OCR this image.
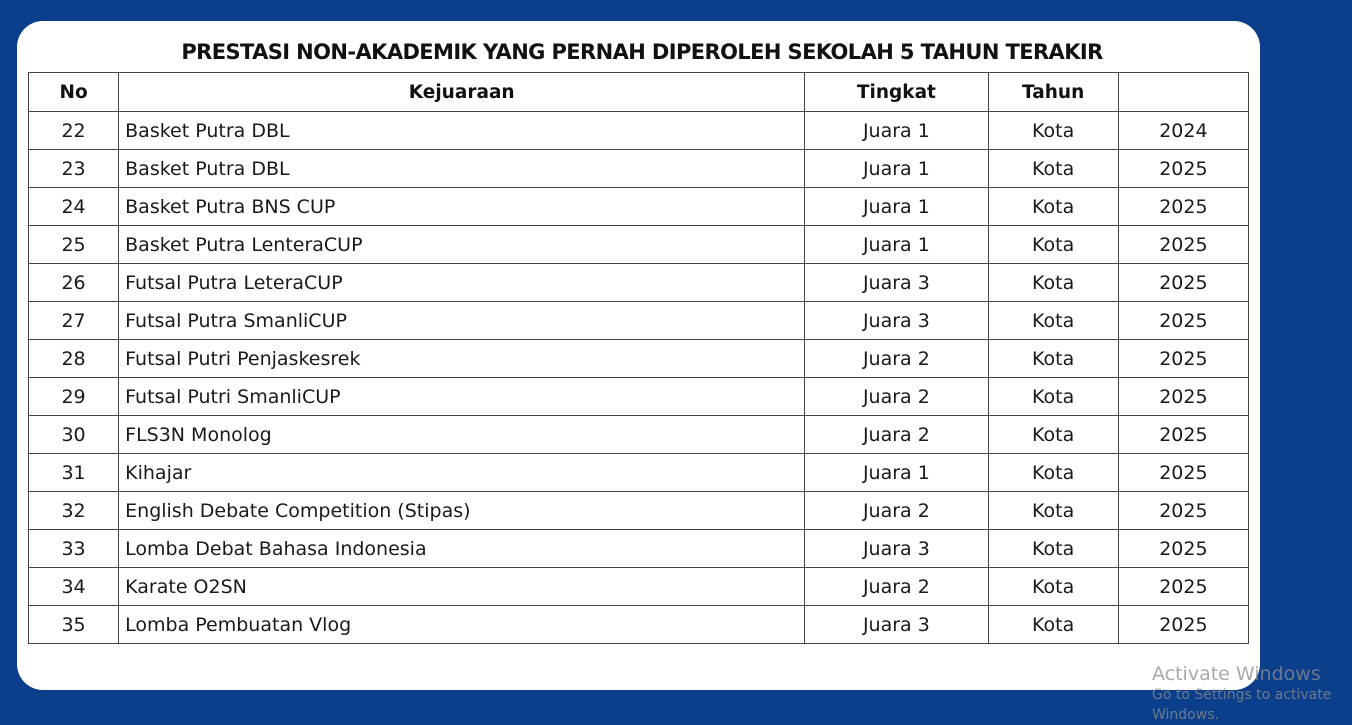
PRESTASI NON-AKADEMIK YANG PERNAH DIPEROLEH SEKOLAH 5 TAHUN TERAKIR
No	Kejuaraan	Tingkat	Tahun	
22	Basket Putra DBL	Juara 1	Kota	2024
23	Basket Putra DBL	Juara 1	Kota	2025
24	Basket Putra BNS CUP	Juara 1	Kota	2025
25	Basket Putra LenteraCUP	Juara 1	Kota	2025
26	Futsal Putra LeteraCUP	Juara 3	Kota	2025
27	Futsal Putra SmanliCUP	Juara 3	Kota	2025
28	Futsal Putri Penjaskesrek	Juara 2	Kota	2025
29	Futsal Putri SmanliCUP	Juara 2	Kota	2025
30	FLS3N Monolog	Juara 2	Kota	2025
31	Kihajar	Juara 1	Kota	2025
32	English Debate Competition (Stipas)	Juara 2	Kota	2025
33	Lomba Debat Bahasa Indonesia	Juara 3	Kota	2025
34	Karate O2SN	Juara 2	Kota	2025
35	Lomba Pembuatan Vlog	Juara 3	Kota	2025
Activate Windows
Go to Settings to activate Windows.
